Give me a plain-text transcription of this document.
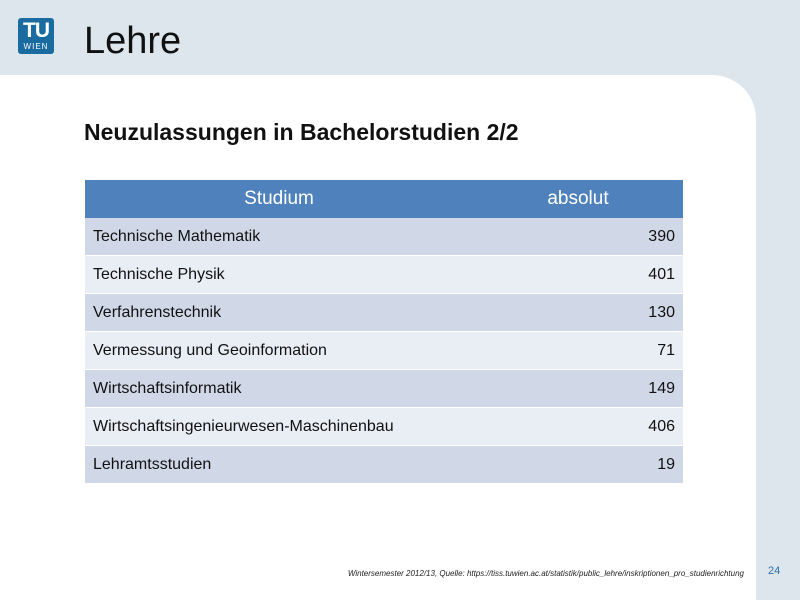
TU
WIEN Lehre
Neuzulassungen in Bachelorstudien 2/2
Studium	absolut
Technische Mathematik	390
Technische Physik	401
Verfahrenstechnik	130
Vermessung und Geoinformation	71
Wirtschaftsinformatik	149
Wirtschaftsingenieurwesen-Maschinenbau	406
Lehramtsstudien	19
Wintersemester 2012/13, Quelle: https://tiss.tuwien.ac.at/statistik/public_lehre/inskriptionen_pro_studienrichtung 24
